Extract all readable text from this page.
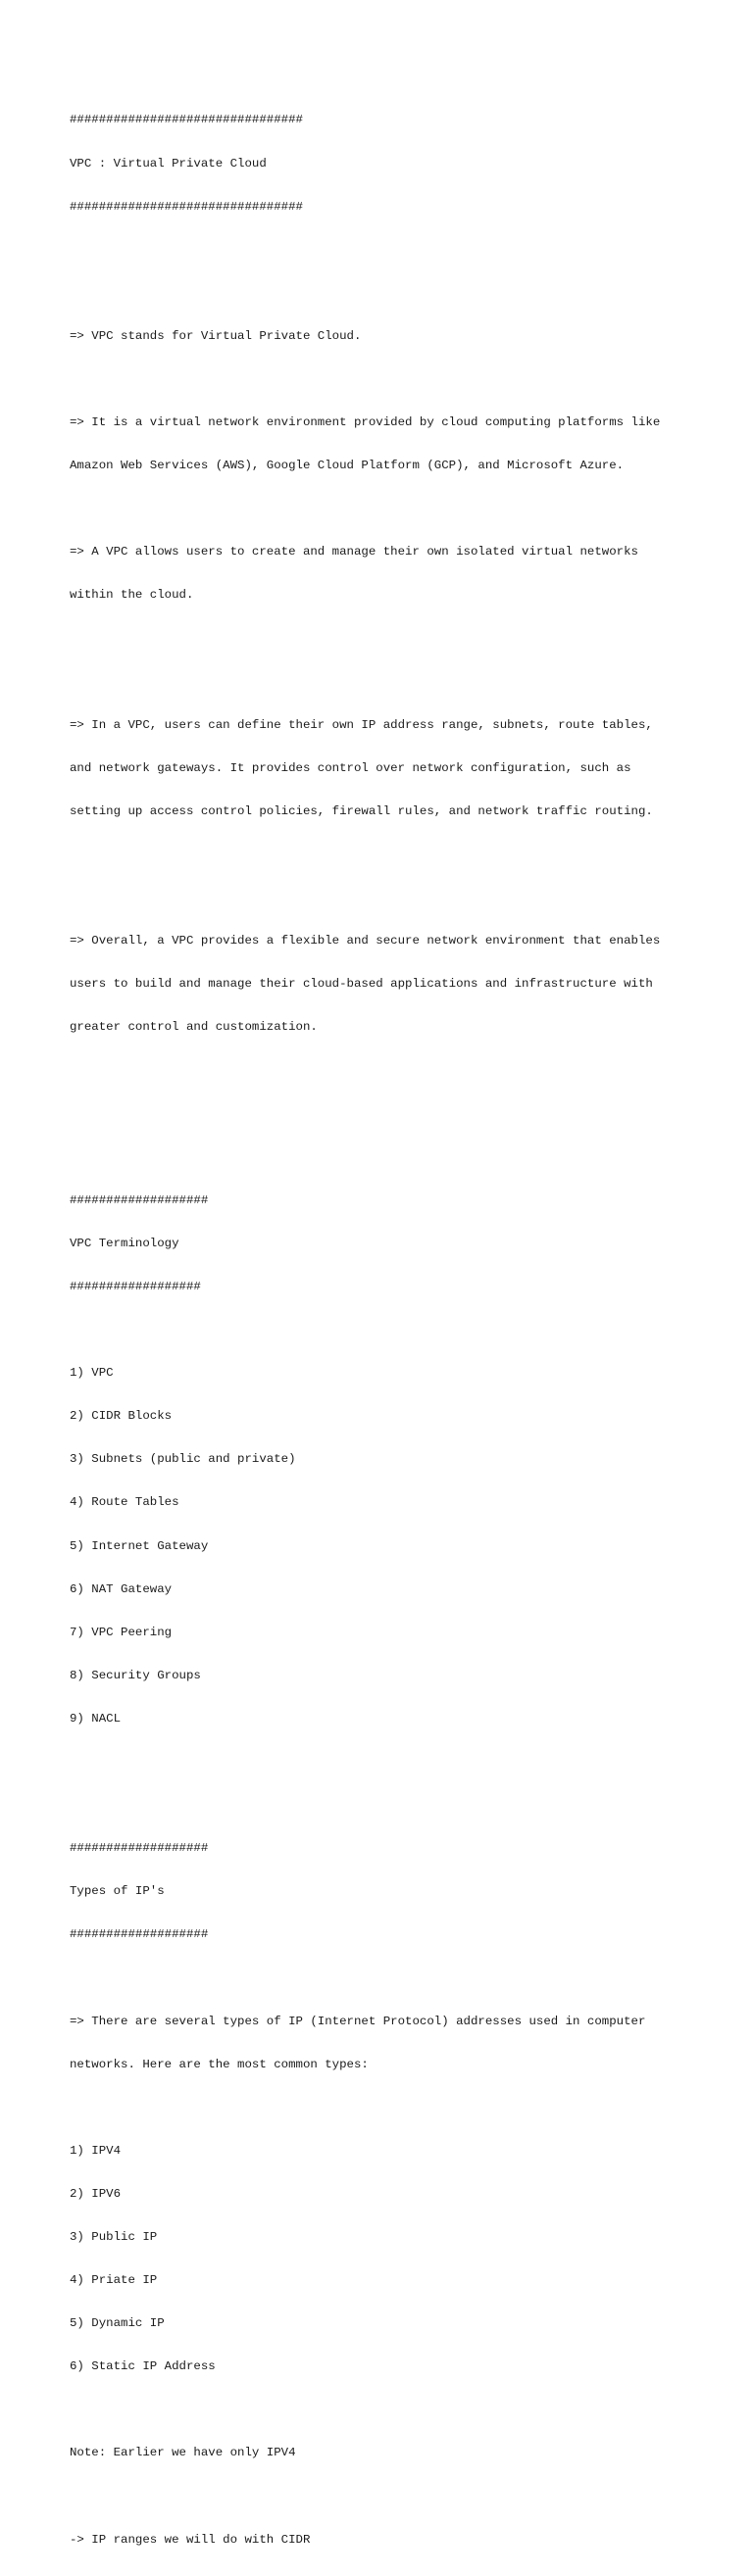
################################

VPC : Virtual Private Cloud

################################

=> VPC stands for Virtual Private Cloud.

=> It is a virtual network environment provided by cloud computing platforms like

Amazon Web Services (AWS), Google Cloud Platform (GCP), and Microsoft Azure.

=> A VPC allows users to create and manage their own isolated virtual networks

within the cloud.

=> In a VPC, users can define their own IP address range, subnets, route tables,

and network gateways. It provides control over network configuration, such as

setting up access control policies, firewall rules, and network traffic routing.

=> Overall, a VPC provides a flexible and secure network environment that enables

users to build and manage their cloud-based applications and infrastructure with

greater control and customization.

###################

VPC Terminology

##################

1) VPC

2) CIDR Blocks

3) Subnets (public and private)

4) Route Tables

5) Internet Gateway

6) NAT Gateway

7) VPC Peering

8) Security Groups

9) NACL

###################

Types of IP's

###################

=> There are several types of IP (Internet Protocol) addresses used in computer

networks. Here are the most common types:

1) IPV4

2) IPV6

3) Public IP

4) Priate IP

5) Dynamic IP

6) Static IP Address

Note: Earlier we have only IPV4

-> IP ranges we will do with CIDR
